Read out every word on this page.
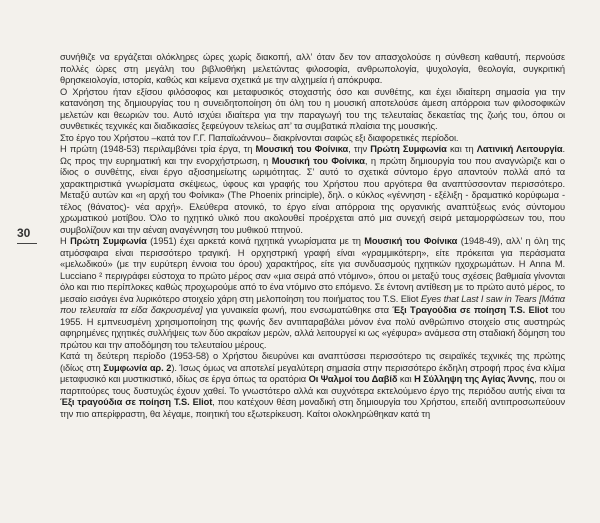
30

συνήθιζε να εργάζεται ολόκληρες ώρες χωρίς διακοπή, αλλ’ όταν δεν τον απασχολούσε η σύνθεση καθαυτή, περνούσε πολλές ώρες στη μεγάλη του βιβλιοθήκη μελετώντας φιλοσοφία, ανθρωπολογία, ψυχολογία, θεολογία, συγκριτική θρησκειολογία, ιστορία, καθώς και κείμενα σχετικά με την αλχημεία ή απόκρυφα.

Ο Χρήστου ήταν εξίσου φιλόσοφος και μεταφυσικός στοχαστής όσο και συνθέτης, και έχει ιδιαίτερη σημασία για την κατανόηση της δημιουργίας του η συνειδητοποίηση ότι όλη του η μουσική αποτελούσε άμεση απόρροια των φιλοσοφικών μελετών και θεωριών του. Αυτό ισχύει ιδιαίτερα για την παραγωγή του της τελευταίας δεκαετίας της ζωής του, όπου οι συνθετικές τεχνικές και διαδικασίες ξεφεύγουν τελείως απ’ τα συμβατικά πλαίσια της μουσικής.

Στο έργο του Χρήστου –κατά τον Γ.Γ. Παπαϊωάννου– διακρίνονται σαφώς εξι διαφορετικές περίοδοι.

Η πρώτη (1948-53) περιλαμβάνει τρία έργα, τη Μουσική του Φοίνικα, την Πρώτη Συμφωνία και τη Λατινική Λειτουργία. Ως προς την ευρηματική και την ενορχήστρωση, η Μουσική του Φοίνικα, η πρώτη δημιουργία του που αναγνώριζε και ο ίδιος ο συνθέτης, είναι έργο αξιοσημείωτης ωριμότητας. Σ’ αυτό το σχετικά σύντομο έργο απαντούν πολλά από τα χαρακτηριστικά γνωρίσματα σκέψεως, ύφους και γραφής του Χρήστου που αργότερα θα αναπτύσσονταν περισσότερο. Μεταξύ αυτών και «η αρχή του Φοίνικα» (The Phoenix principle), δηλ. ο κύκλος «γέννηση - εξέλιξη - δραματικό κορύφωμα - τέλος (θάνατος)- νέα αρχή». Ελεύθερα ατονικό, το έργο είναι απόρροια της οργανικής αναπτύξεως ενός σύντομου χρωματικού μοτίβου. Όλο το ηχητικό υλικό που ακολουθεί προέρχεται από μια συνεχή σειρά μεταμορφώσεων του, που συμβολίζουν και την αέναη αναγέννηση του μυθικού πτηνού.

Η Πρώτη Συμφωνία (1951) έχει αρκετά κοινά ηχητικά γνωρίσματα με τη Μουσική του Φοίνικα (1948-49), αλλ’ η όλη της ατμόσφαιρα είναι περισσότερο τραγική. Η ορχηστρική γραφή είναι «γραμμικότερη», είτε πρόκειται για περάσματα «μελωδικού» (με την ευρύτερη έννοια του όρου) χαρακτήρος, είτε για συνδυασμούς ηχητικών ηχοχρωμάτων. Η Anna M. Lucciano ² περιγράφει εύστοχα το πρώτο μέρος σαν «μια σειρά από ντόμινο», όπου οι μεταξύ τους σχέσεις βαθμιαία γίνονται όλο και πιο περίπλοκες καθώς προχωρούμε από το ένα ντόμινο στο επόμενο. Σε έντονη αντίθεση με το πρώτο αυτό μέρος, το μεσαίο εισάγει ένα λυρικότερο στοιχείο χάρη στη μελοποίηση του ποιήματος του T.S. Eliot Eyes that Last I saw in Tears [Μάτια που τελευταία τα είδα δακρυσμένα] για γυναικεία φωνή, που ενσωματώθηκε στα Έξι Τραγούδια σε ποίηση T.S. Eliot του 1955. Η εμπνευσμένη χρησιμοποίηση της φωνής δεν αντιπαραβάλει μόνον ένα πολύ ανθρώπινο στοιχείο στις αυστηρώς αφηρημένες ηχητικές συλλήψεις των δύο ακραίων μερών, αλλά λειτουργεί κι ως «γέφυρα» ανάμεσα στη σταδιακή δόμηση του πρώτου και την αποδόμηση του τελευταίου μέρους.

Κατά τη δεύτερη περίοδο (1953-58) ο Χρήστου διευρύνει και αναπτύσσει περισσότερο τις σειραϊκές τεχνικές της πρώτης (ιδίως στη Συμφωνία αρ. 2). Ίσως όμως να αποτελεί μεγαλύτερη σημασία στην περισσότερο έκδηλη στροφή προς ένα κλίμα μεταφυσικό και μυστικιστικό, ιδίως σε έργα όπως τα ορατόρια Οι Ψαλμοί του Δαβίδ και Η Σύλληψη της Αγίας Άννης, που οι παρτιτούρες τους δυστυχώς έχουν χαθεί. Το γνωστότερο αλλά και συχνότερα εκτελούμενο έργο της περιόδου αυτής είναι τα Έξι τραγούδια σε ποίηση T.S. Eliot, που κατέχουν θέση μοναδική στη δημιουργία του Χρήστου, επειδή αντιπροσωπεύουν την πιο απερίφραστη, θα λέγαμε, ποιητική του εξωτερίκευση. Καίτοι ολοκληρώθηκαν κατά τη
